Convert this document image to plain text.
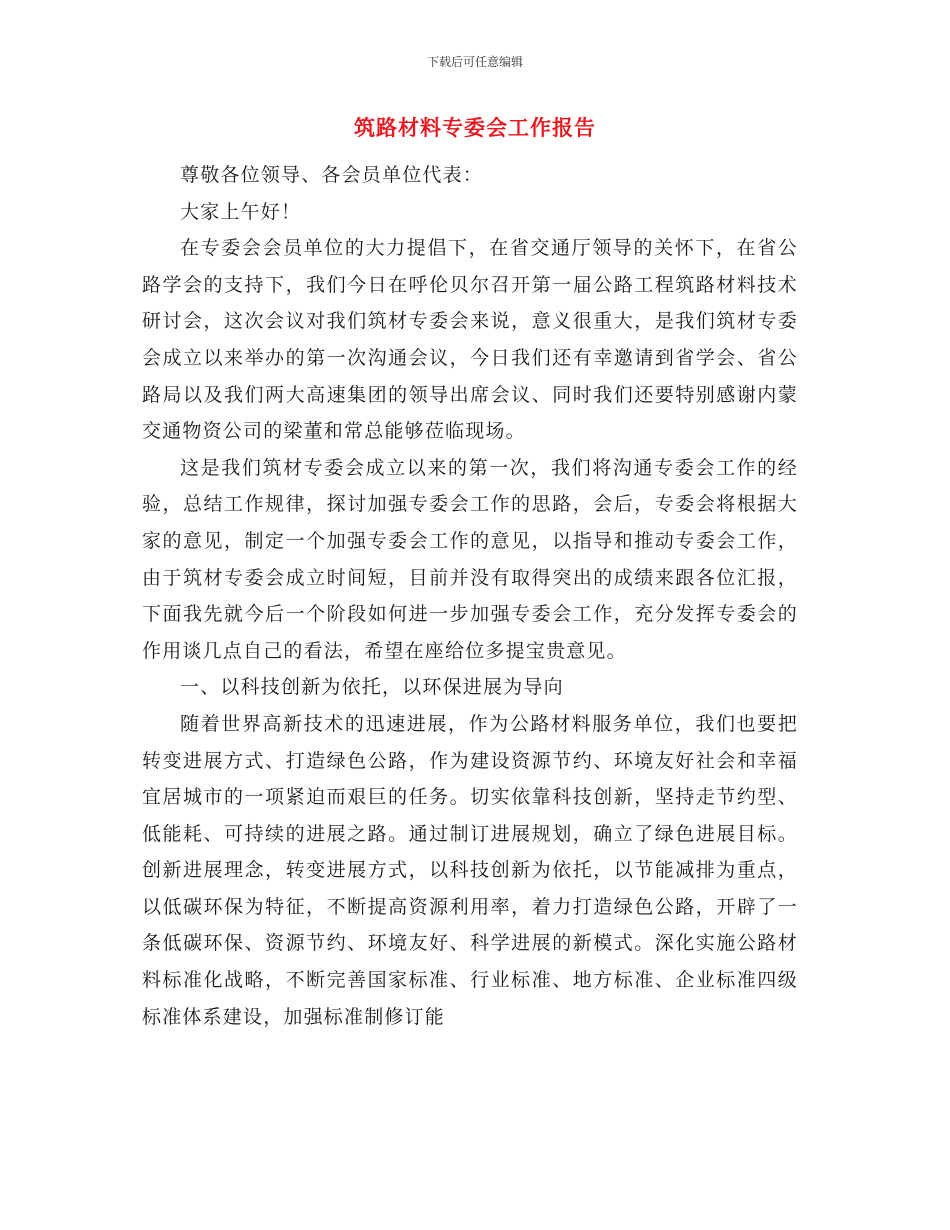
下载后可任意编辑
筑路材料专委会工作报告

尊敬各位领导、各会员单位代表：

大家上午好！

在专委会会员单位的大力提倡下，在省交通厅领导的关怀下，在省公路学会的支持下，我们今日在呼伦贝尔召开第一届公路工程筑路材料技术研讨会，这次会议对我们筑材专委会来说，意义很重大，是我们筑材专委会成立以来举办的第一次沟通会议，今日我们还有幸邀请到省学会、省公路局以及我们两大高速集团的领导出席会议、同时我们还要特别感谢内蒙交通物资公司的梁董和常总能够莅临现场。

这是我们筑材专委会成立以来的第一次，我们将沟通专委会工作的经验，总结工作规律，探讨加强专委会工作的思路，会后，专委会将根据大家的意见，制定一个加强专委会工作的意见，以指导和推动专委会工作，由于筑材专委会成立时间短，目前并没有取得突出的成绩来跟各位汇报，下面我先就今后一个阶段如何进一步加强专委会工作，充分发挥专委会的作用谈几点自己的看法，希望在座给位多提宝贵意见。

一、以科技创新为依托，以环保进展为导向

随着世界高新技术的迅速进展，作为公路材料服务单位，我们也要把转变进展方式、打造绿色公路，作为建设资源节约、环境友好社会和幸福宜居城市的一项紧迫而艰巨的任务。切实依靠科技创新，坚持走节约型、低能耗、可持续的进展之路。通过制订进展规划，确立了绿色进展目标。创新进展理念，转变进展方式，以科技创新为依托，以节能减排为重点，以低碳环保为特征，不断提高资源利用率，着力打造绿色公路，开辟了一条低碳环保、资源节约、环境友好、科学进展的新模式。深化实施公路材料标准化战略，不断完善国家标准、行业标准、地方标准、企业标准四级标准体系建设，加强标准制修订能
